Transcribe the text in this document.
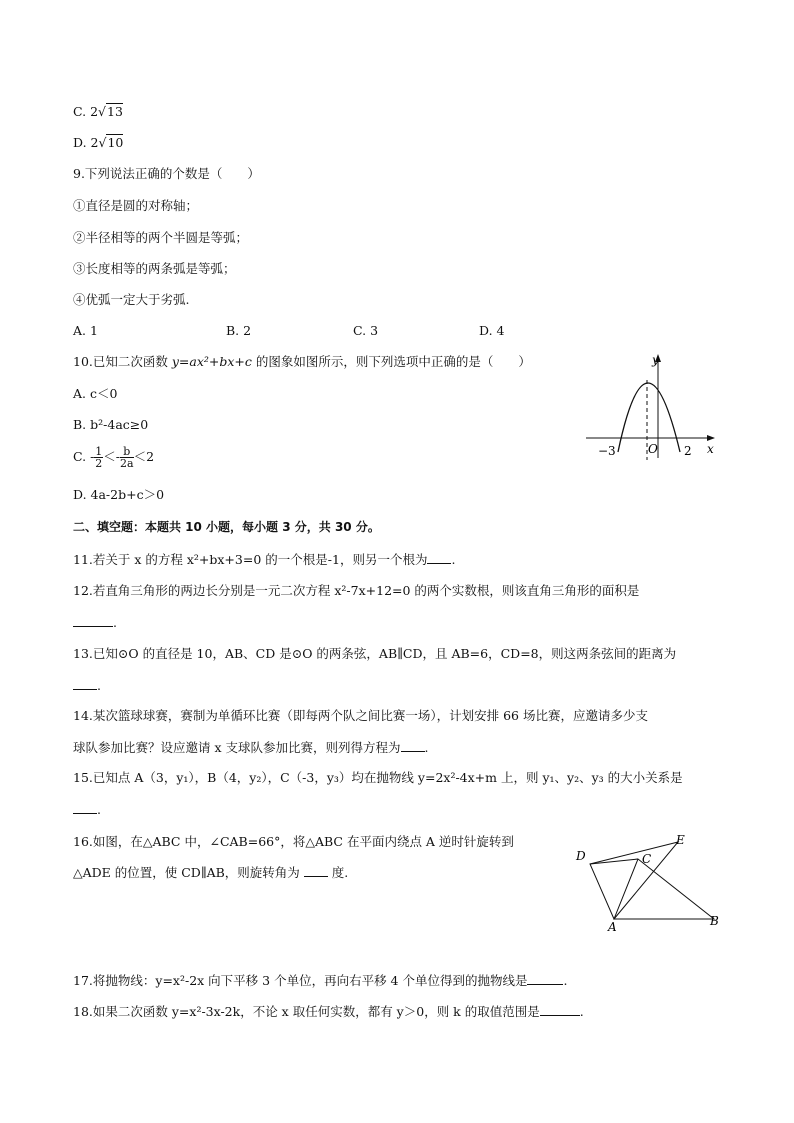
C. 2√13
D. 2√10
9.下列说法正确的个数是（　　）
①直径是圆的对称轴；
②半径相等的两个半圆是等弧；
③长度相等的两条弧是等弧；
④优弧一定大于劣弧.
A. 1	B. 2	C. 3	D. 4
10.已知二次函数 y=ax²+bx+c 的图象如图所示，则下列选项中正确的是（　　）
A. c＜0
B. b²-4ac≥0
C. - $\frac{1}{2} <- \frac{b}{2a} <2$
D. 4a-2b+c＞0
y
x
O
−3	2
二、填空题：本题共 10 小题，每小题 3 分，共 30 分。
11.若关于 x 的方程 x²+bx+3=0 的一个根是-1，则另一个根为 .
12.若直角三角形的两边长分别是一元二次方程 x²-7x+12=0 的两个实数根，则该直角三角形的面积是
.
13.已知⊙O 的直径是 10，AB、CD 是⊙O 的两条弦，AB∥CD，且 AB=6，CD=8，则这两条弦间的距离为
.
14.某次篮球球赛，赛制为单循环比赛（即每两个队之间比赛一场），计划安排 66 场比赛，应邀请多少支
球队参加比赛？设应邀请 x 支球队参加比赛，则列得方程为 .
15.已知点 A（3，y₁），B（4，y₂），C（-3，y₃）均在抛物线 y=2x²-4x+m 上，则 y₁、y₂、y₃ 的大小关系是
.
16.如图，在△ABC 中，∠CAB=66°，将△ABC 在平面内绕点 A 逆时针旋转到
△ADE 的位置，使 CD∥AB，则旋转角为	度.
A	B
C
D
E
17.将抛物线：y=x²-2x 向下平移 3 个单位，再向右平移 4 个单位得到的抛物线是	.
18.如果二次函数 y=x²-3x-2k，不论 x 取任何实数，都有 y＞0，则 k 的取值范围是	.
